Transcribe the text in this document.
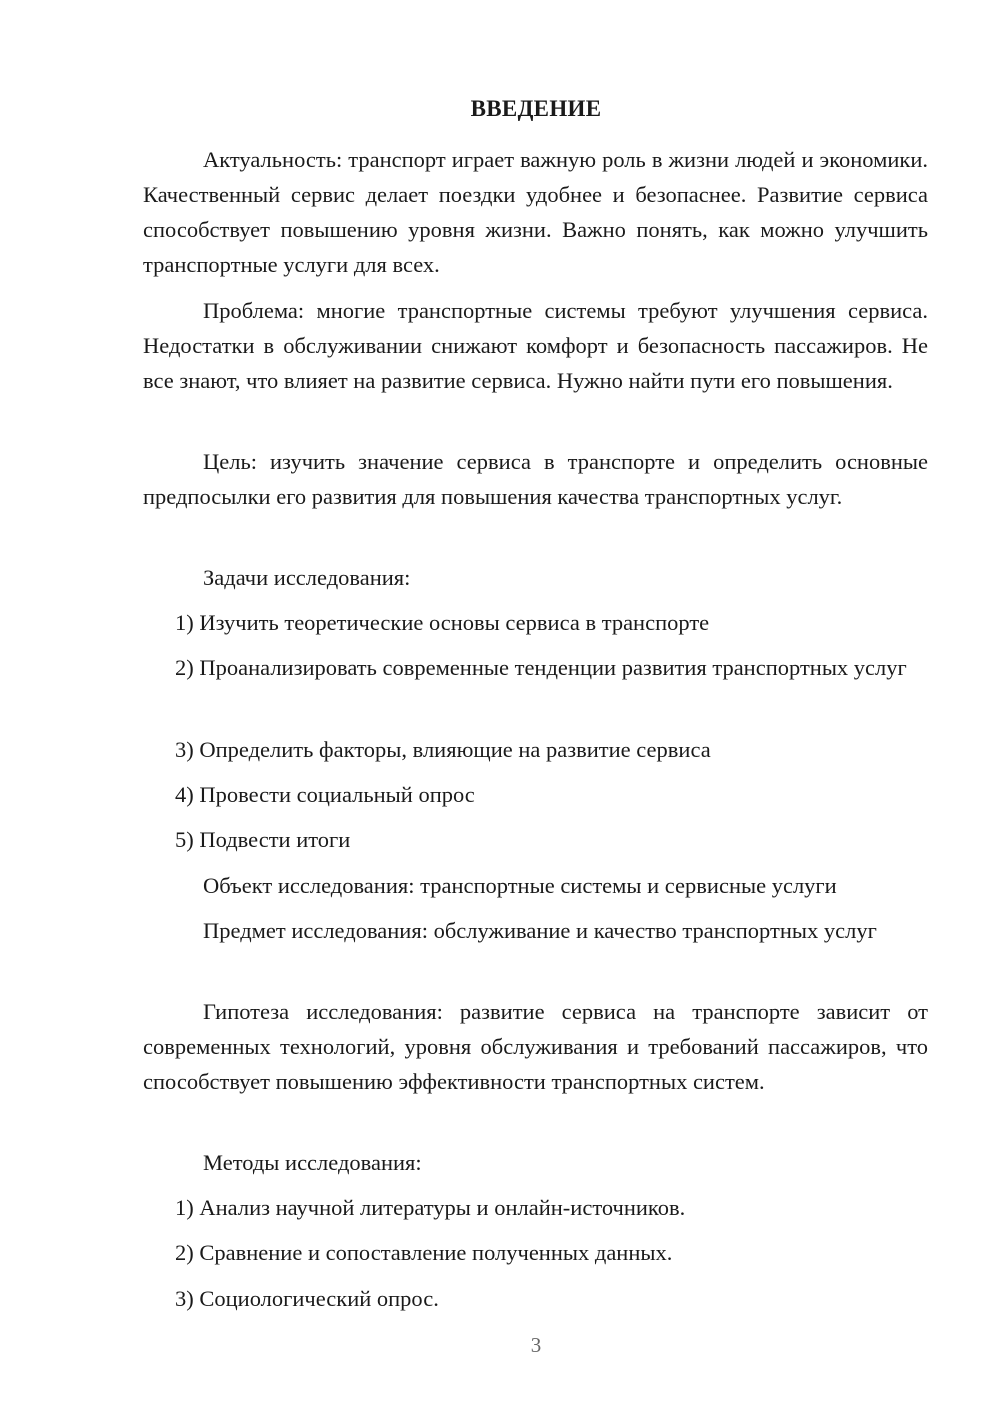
ВВЕДЕНИЕ

Актуальность: транспорт играет важную роль в жизни людей и экономики. Качественный сервис делает поездки удобнее и безопаснее. Развитие сервиса способствует повышению уровня жизни. Важно понять, как можно улучшить транспортные услуги для всех.

Проблема: многие транспортные системы требуют улучшения сервиса. Недостатки в обслуживании снижают комфорт и безопасность пассажиров. Не все знают, что влияет на развитие сервиса. Нужно найти пути его повышения.

Цель: изучить значение сервиса в транспорте и определить основные предпосылки его развития для повышения качества транспортных услуг.

Задачи исследования:

1) Изучить теоретические основы сервиса в транспорте

2) Проанализировать современные тенденции развития транспортных услуг

3) Определить факторы, влияющие на развитие сервиса

4) Провести социальный опрос

5) Подвести итоги

Объект исследования: транспортные системы и сервисные услуги

Предмет исследования: обслуживание и качество транспортных услуг

Гипотеза исследования: развитие сервиса на транспорте зависит от современных технологий, уровня обслуживания и требований пассажиров, что способствует повышению эффективности транспортных систем.

Методы исследования:

1) Анализ научной литературы и онлайн-источников.

2) Сравнение и сопоставление полученных данных.

3) Социологический опрос.

3
